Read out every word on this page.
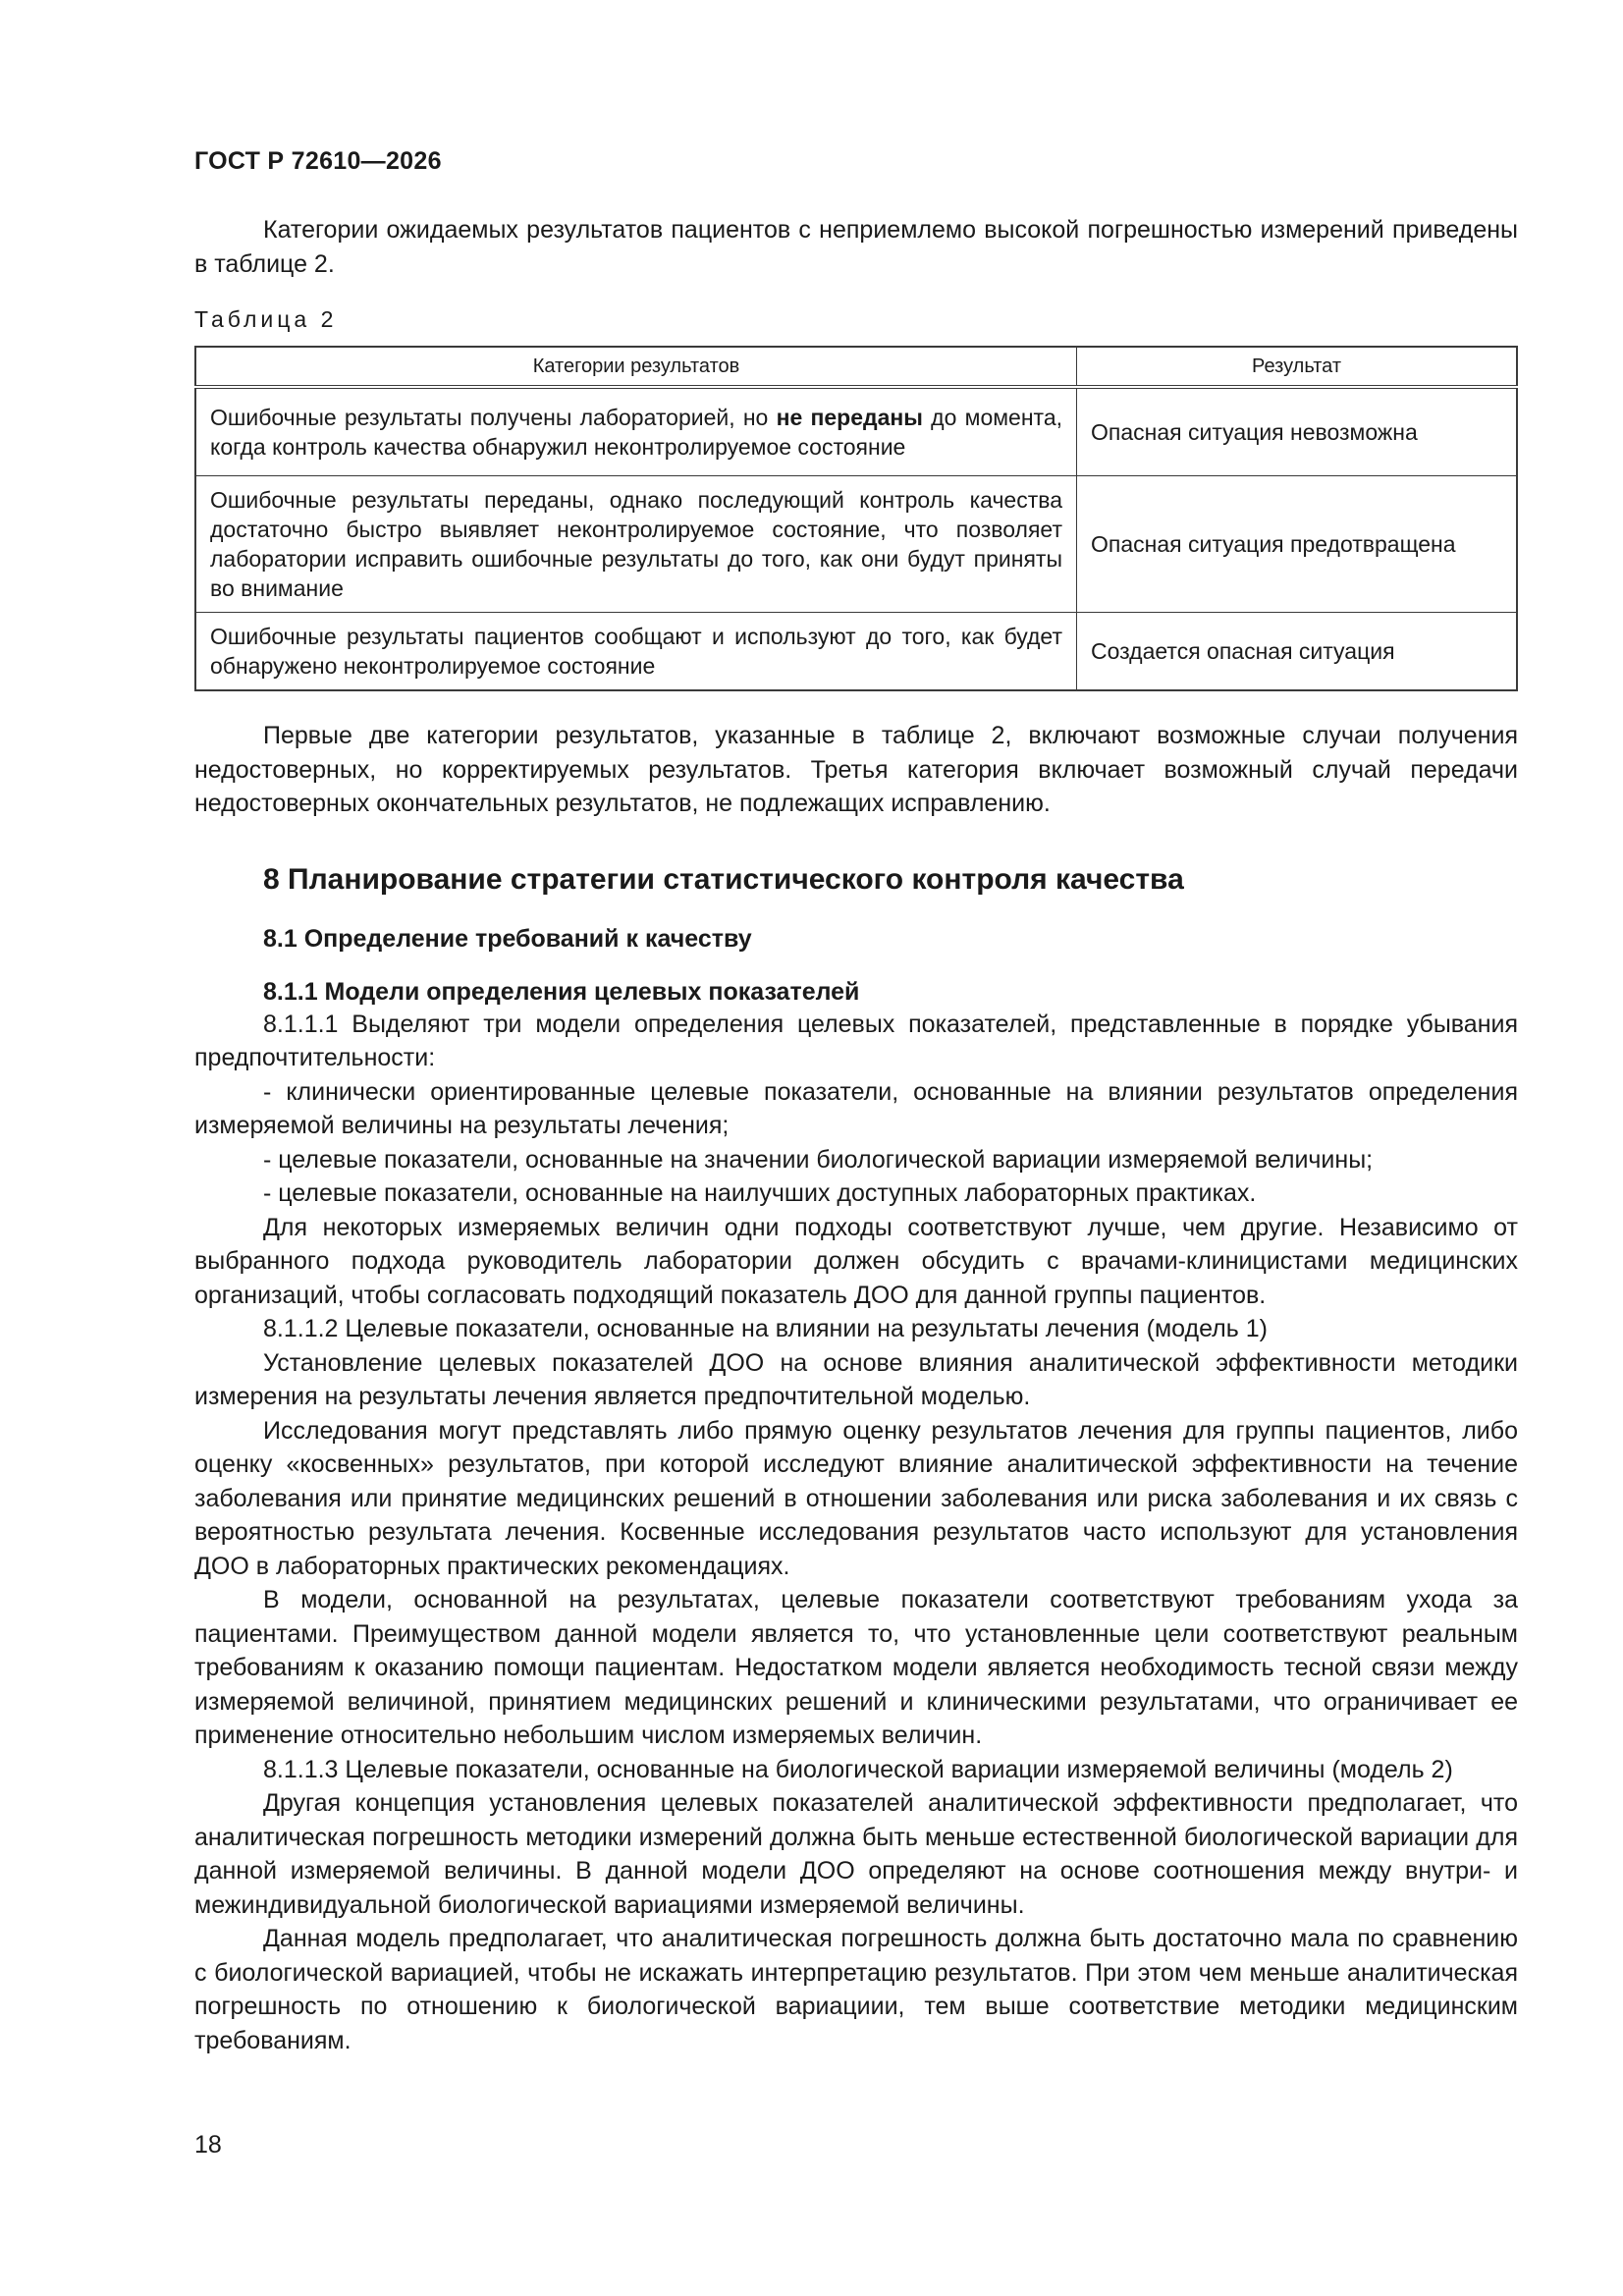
ГОСТ Р 72610—2026

Категории ожидаемых результатов пациентов с неприемлемо высокой погрешностью измерений приведены в таблице 2.

Таблица 2
Категории результатов	Результат
Ошибочные результаты получены лабораторией, но не переданы до момента, когда контроль качества обнаружил неконтролируемое состояние	Опасная ситуация невозможна
Ошибочные результаты переданы, однако последующий контроль качества достаточно быстро выявляет неконтролируемое состояние, что позволяет лаборатории исправить ошибочные результаты до того, как они будут приняты во внимание	Опасная ситуация предотвращена
Ошибочные результаты пациентов сообщают и используют до того, как будет обнаружено неконтролируемое состояние	Создается опасная ситуация

Первые две категории результатов, указанные в таблице 2, включают возможные случаи получения недостоверных, но корректируемых результатов. Третья категория включает возможный случай передачи недостоверных окончательных результатов, не подлежащих исправлению.

8 Планирование стратегии статистического контроля качества
8.1 Определение требований к качеству
8.1.1 Модели определения целевых показателей

8.1.1.1 Выделяют три модели определения целевых показателей, представленные в порядке убывания предпочтительности:

- клинически ориентированные целевые показатели, основанные на влиянии результатов определения измеряемой величины на результаты лечения;

- целевые показатели, основанные на значении биологической вариации измеряемой величины;

- целевые показатели, основанные на наилучших доступных лабораторных практиках.

Для некоторых измеряемых величин одни подходы соответствуют лучше, чем другие. Независимо от выбранного подхода руководитель лаборатории должен обсудить с врачами-клиницистами медицинских организаций, чтобы согласовать подходящий показатель ДОО для данной группы пациентов.

8.1.1.2 Целевые показатели, основанные на влиянии на результаты лечения (модель 1)

Установление целевых показателей ДОО на основе влияния аналитической эффективности методики измерения на результаты лечения является предпочтительной моделью.

Исследования могут представлять либо прямую оценку результатов лечения для группы пациентов, либо оценку «косвенных» результатов, при которой исследуют влияние аналитической эффективности на течение заболевания или принятие медицинских решений в отношении заболевания или риска заболевания и их связь с вероятностью результата лечения. Косвенные исследования результатов часто используют для установления ДОО в лабораторных практических рекомендациях.

В модели, основанной на результатах, целевые показатели соответствуют требованиям ухода за пациентами. Преимуществом данной модели является то, что установленные цели соответствуют реальным требованиям к оказанию помощи пациентам. Недостатком модели является необходимость тесной связи между измеряемой величиной, принятием медицинских решений и клиническими результатами, что ограничивает ее применение относительно небольшим числом измеряемых величин.

8.1.1.3 Целевые показатели, основанные на биологической вариации измеряемой величины (модель 2)

Другая концепция установления целевых показателей аналитической эффективности предполагает, что аналитическая погрешность методики измерений должна быть меньше естественной биологической вариации для данной измеряемой величины. В данной модели ДОО определяют на основе соотношения между внутри- и межиндивидуальной биологической вариациями измеряемой величины.

Данная модель предполагает, что аналитическая погрешность должна быть достаточно мала по сравнению с биологической вариацией, чтобы не искажать интерпретацию результатов. При этом чем меньше аналитическая погрешность по отношению к биологической вариациии, тем выше соответствие методики медицинским требованиям.

18
